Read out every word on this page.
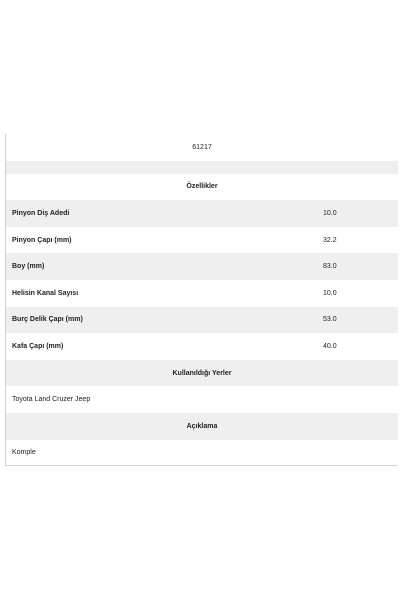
61217
Özellikler
Pinyon Diş Adedi	10.0
Pinyon Çapı (mm)	32.2
Boy (mm)	83.0
Helisin Kanal Sayısı	10.0
Burç Delik Çapı (mm)	53.0
Kafa Çapı (mm)	40.0
Kullanıldığı Yerler
Toyota Land Cruzer Jeep
Açıklama
Komple
